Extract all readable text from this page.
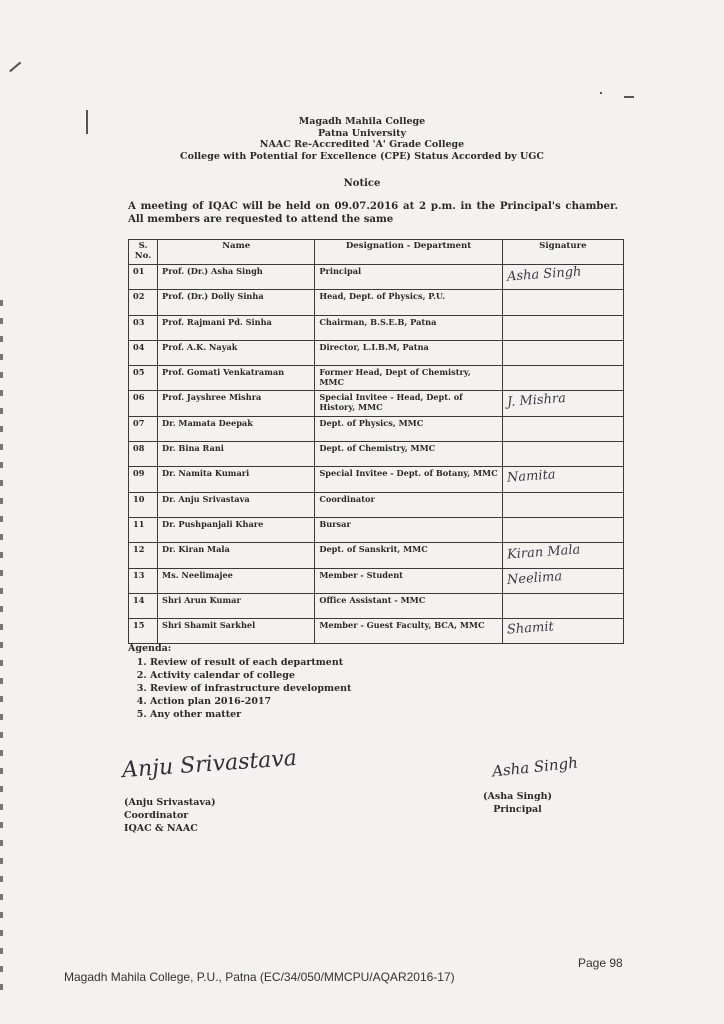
Magadh Mahila College
Patna University
NAAC Re-Accredited 'A' Grade College
College with Potential for Excellence (CPE) Status Accorded by UGC
Notice
A meeting of IQAC will be held on 09.07.2016 at 2 p.m. in the Principal's chamber. All members are requested to attend the same
S. No.	Name	Designation - Department	Signature
01	Prof. (Dr.) Asha Singh	Principal	Asha Singh

02	Prof. (Dr.) Dolly Sinha	Head, Dept. of Physics, P.U.	

03	Prof. Rajmani Pd. Sinha	Chairman, B.S.E.B, Patna	

04	Prof. A.K. Nayak	Director, L.I.B.M, Patna	

05	Prof. Gomati Venkatraman	Former Head, Dept of Chemistry, MMC	

06	Prof. Jayshree Mishra	Special Invitee - Head, Dept. of History, MMC	J. Mishra

07	Dr. Mamata Deepak	Dept. of Physics, MMC	

08	Dr. Bina Rani	Dept. of Chemistry, MMC	

09	Dr. Namita Kumari	Special Invitee - Dept. of Botany, MMC	Namita

10	Dr. Anju Srivastava	Coordinator	

11	Dr. Pushpanjali Khare	Bursar	

12	Dr. Kiran Mala	Dept. of Sanskrit, MMC	Kiran Mala

13	Ms. Neelimajee	Member - Student	Neelima

14	Shri Arun Kumar	Office Assistant - MMC	

15	Shri Shamit Sarkhel	Member - Guest Faculty, BCA, MMC	Shamit
Agenda:
1. Review of result of each department
2. Activity calendar of college
3. Review of infrastructure development
4. Action plan 2016-2017
5. Any other matter
Anju Srivastava
(Anju Srivastava)
Coordinator
IQAC & NAAC
Asha Singh
(Asha Singh)
Principal
Page 98
Magadh Mahila College, P.U., Patna (EC/34/050/MMCPU/AQAR2016-17)
